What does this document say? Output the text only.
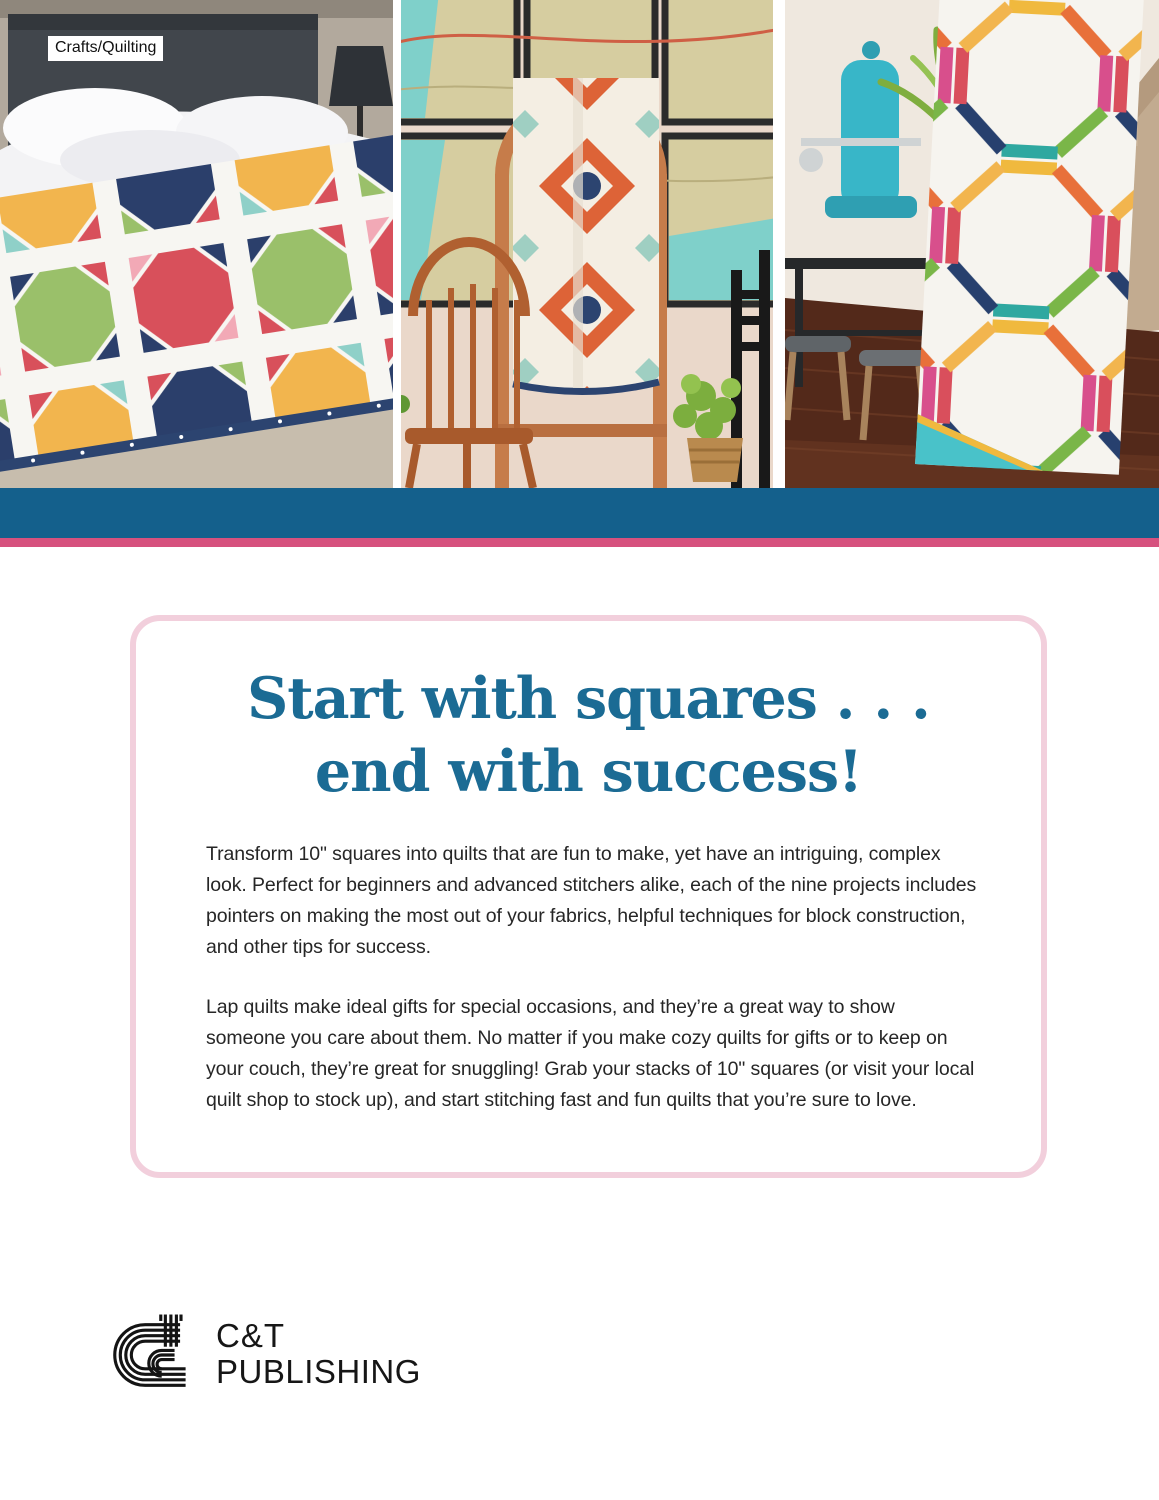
Crafts/Quilting
Start with squares . . .
end with success!

Transform 10" squares into quilts that are fun to make, yet have an intriguing, complex look. Perfect for beginners and advanced stitchers alike, each of the nine projects includes pointers on making the most out of your fabrics, helpful techniques for block construction, and other tips for success.

Lap quilts make ideal gifts for special occasions, and they’re a great way to show someone you care about them. No matter if you make cozy quilts for gifts or to keep on your couch, they’re great for snuggling! Grab your stacks of 10" squares (or visit your local quilt shop to stock up), and start stitching fast and fun quilts that you’re sure to love.

C&T
PUBLISHING
